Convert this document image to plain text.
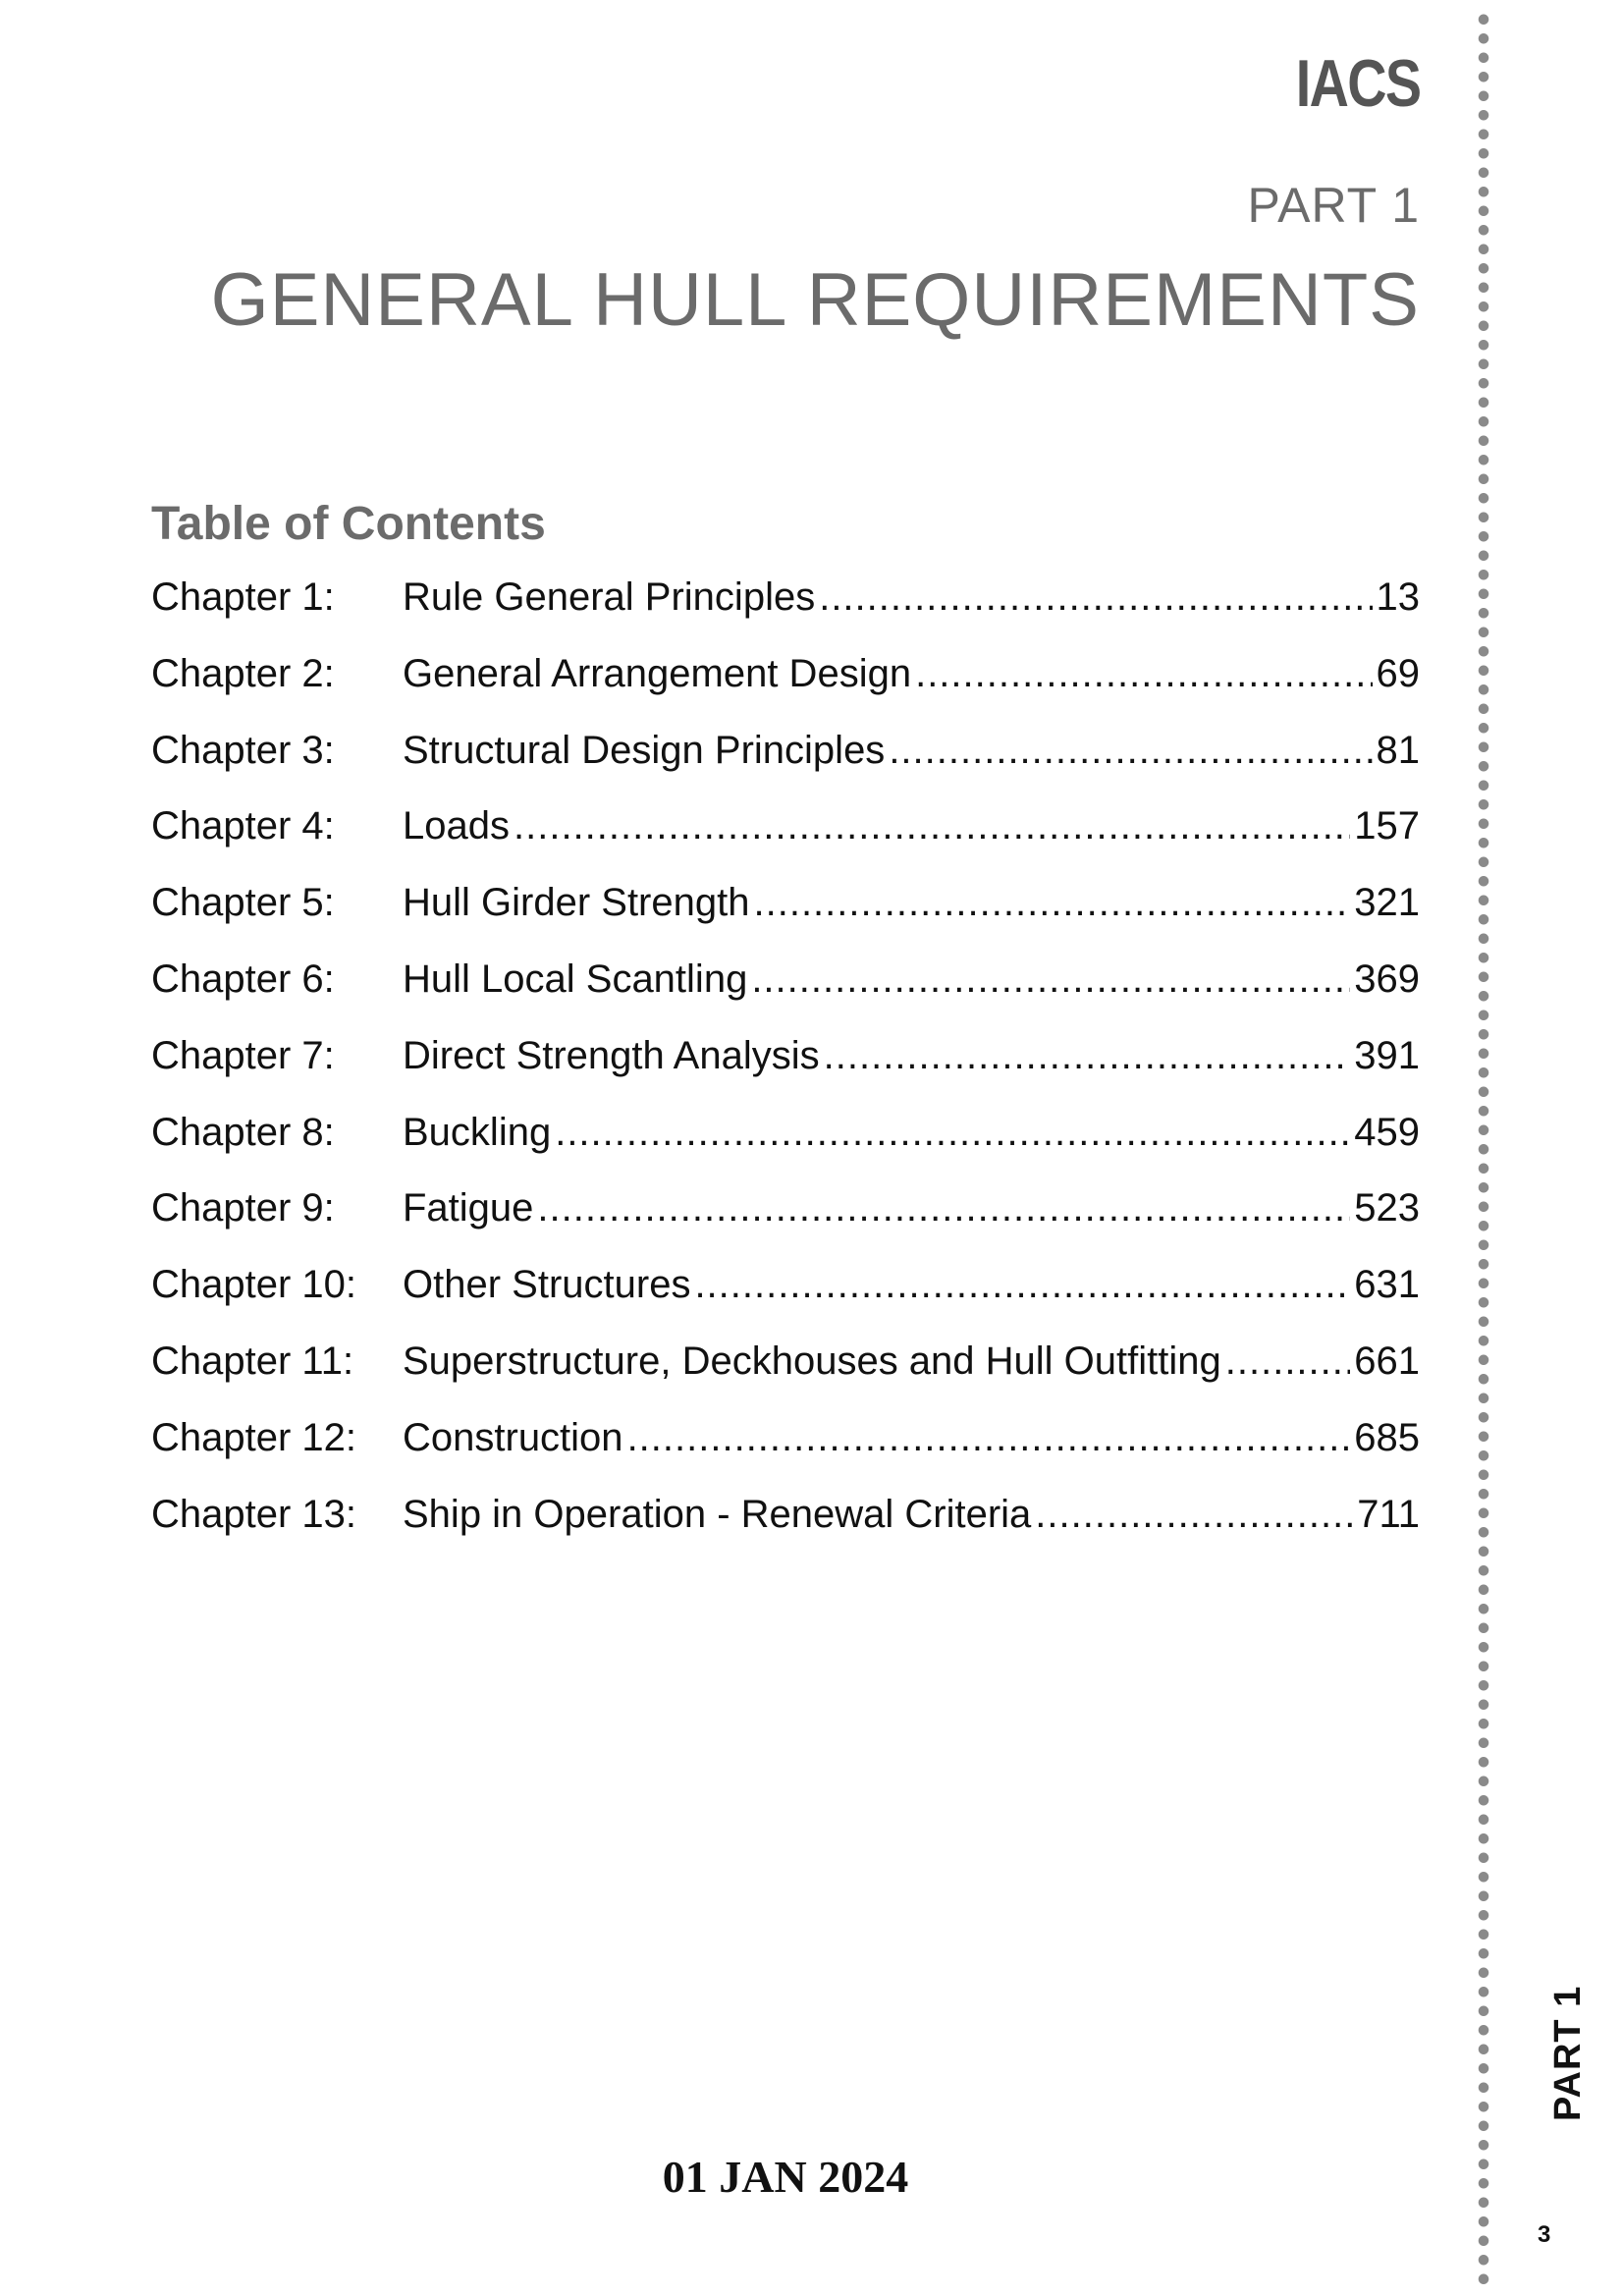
IACS
PART 1
GENERAL HULL REQUIREMENTS
Table of Contents
Chapter 1:	Rule General Principles .....	13
Chapter 2:	General Arrangement Design .....	69
Chapter 3:	Structural Design Principles .....	81
Chapter 4:	Loads .....	157
Chapter 5:	Hull Girder Strength .....	321
Chapter 6:	Hull Local Scantling .....	369
Chapter 7:	Direct Strength Analysis .....	391
Chapter 8:	Buckling .....	459
Chapter 9:	Fatigue .....	523
Chapter 10:	Other Structures .....	631
Chapter 11:	Superstructure, Deckhouses and Hull Outfitting .....	661
Chapter 12:	Construction .....	685
Chapter 13:	Ship in Operation - Renewal Criteria .....	711
PART 1
3
01 JAN 2024
